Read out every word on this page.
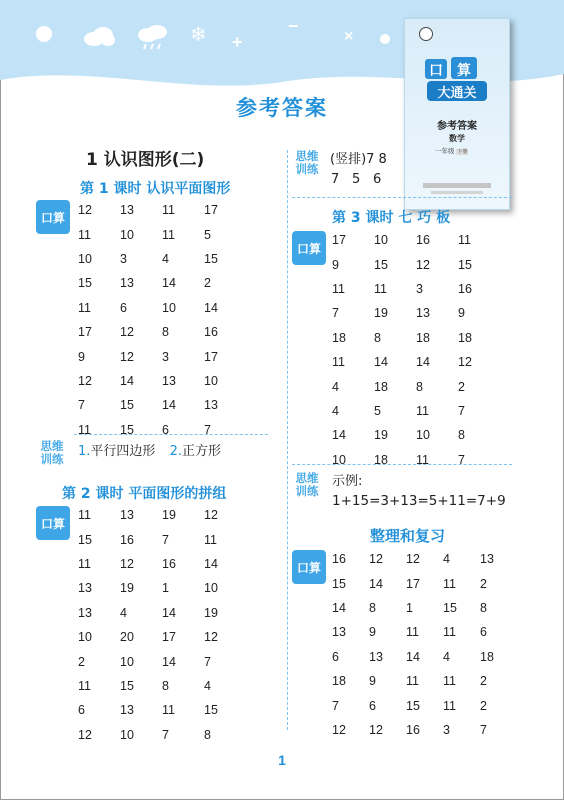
❄ +
−
×
参考答案
口 算
大通关
参考答案
数学
一年级 下册
1 认识图形(二)
第 1 课时 认识平面图形
口算
12	13	11	17
11	10	11	5
10	3	4	15
15	13	14	2
11	6	10	14
17	12	8	16
9	12	3	17
12	14	13	10
7	15	14	13
11	15	6	7
思维
训练	1.平行四边形 2.正方形
第 2 课时 平面图形的拼组
口算
11	13	19	12
15	16	7	11
11	12	16	14
13	19	1	10
13	4	14	19
10	20	17	12
2	10	14	7
11	15	8	4
6	13	11	15
12	10	7	8
思维
训练
(竖排)7 8
7 5 6
第 3 课时 七 巧 板
口算
17	10	16	11
9	15	12	15
11	11	3	16
7	19	13	9
18	8	18	18
11	14	14	12
4	18	8	2
4	5	11	7
14	19	10	8
10	18	11	7
思维
训练
示例:
1+15=3+13=5+11=7+9
整理和复习
口算
16	12	12	4	13
15	14	17	11	2
14	8	1	15	8
13	9	11	11	6
6	13	14	4	18
18	9	11	11	2
7	6	15	11	2
12	12	16	3	7
1
